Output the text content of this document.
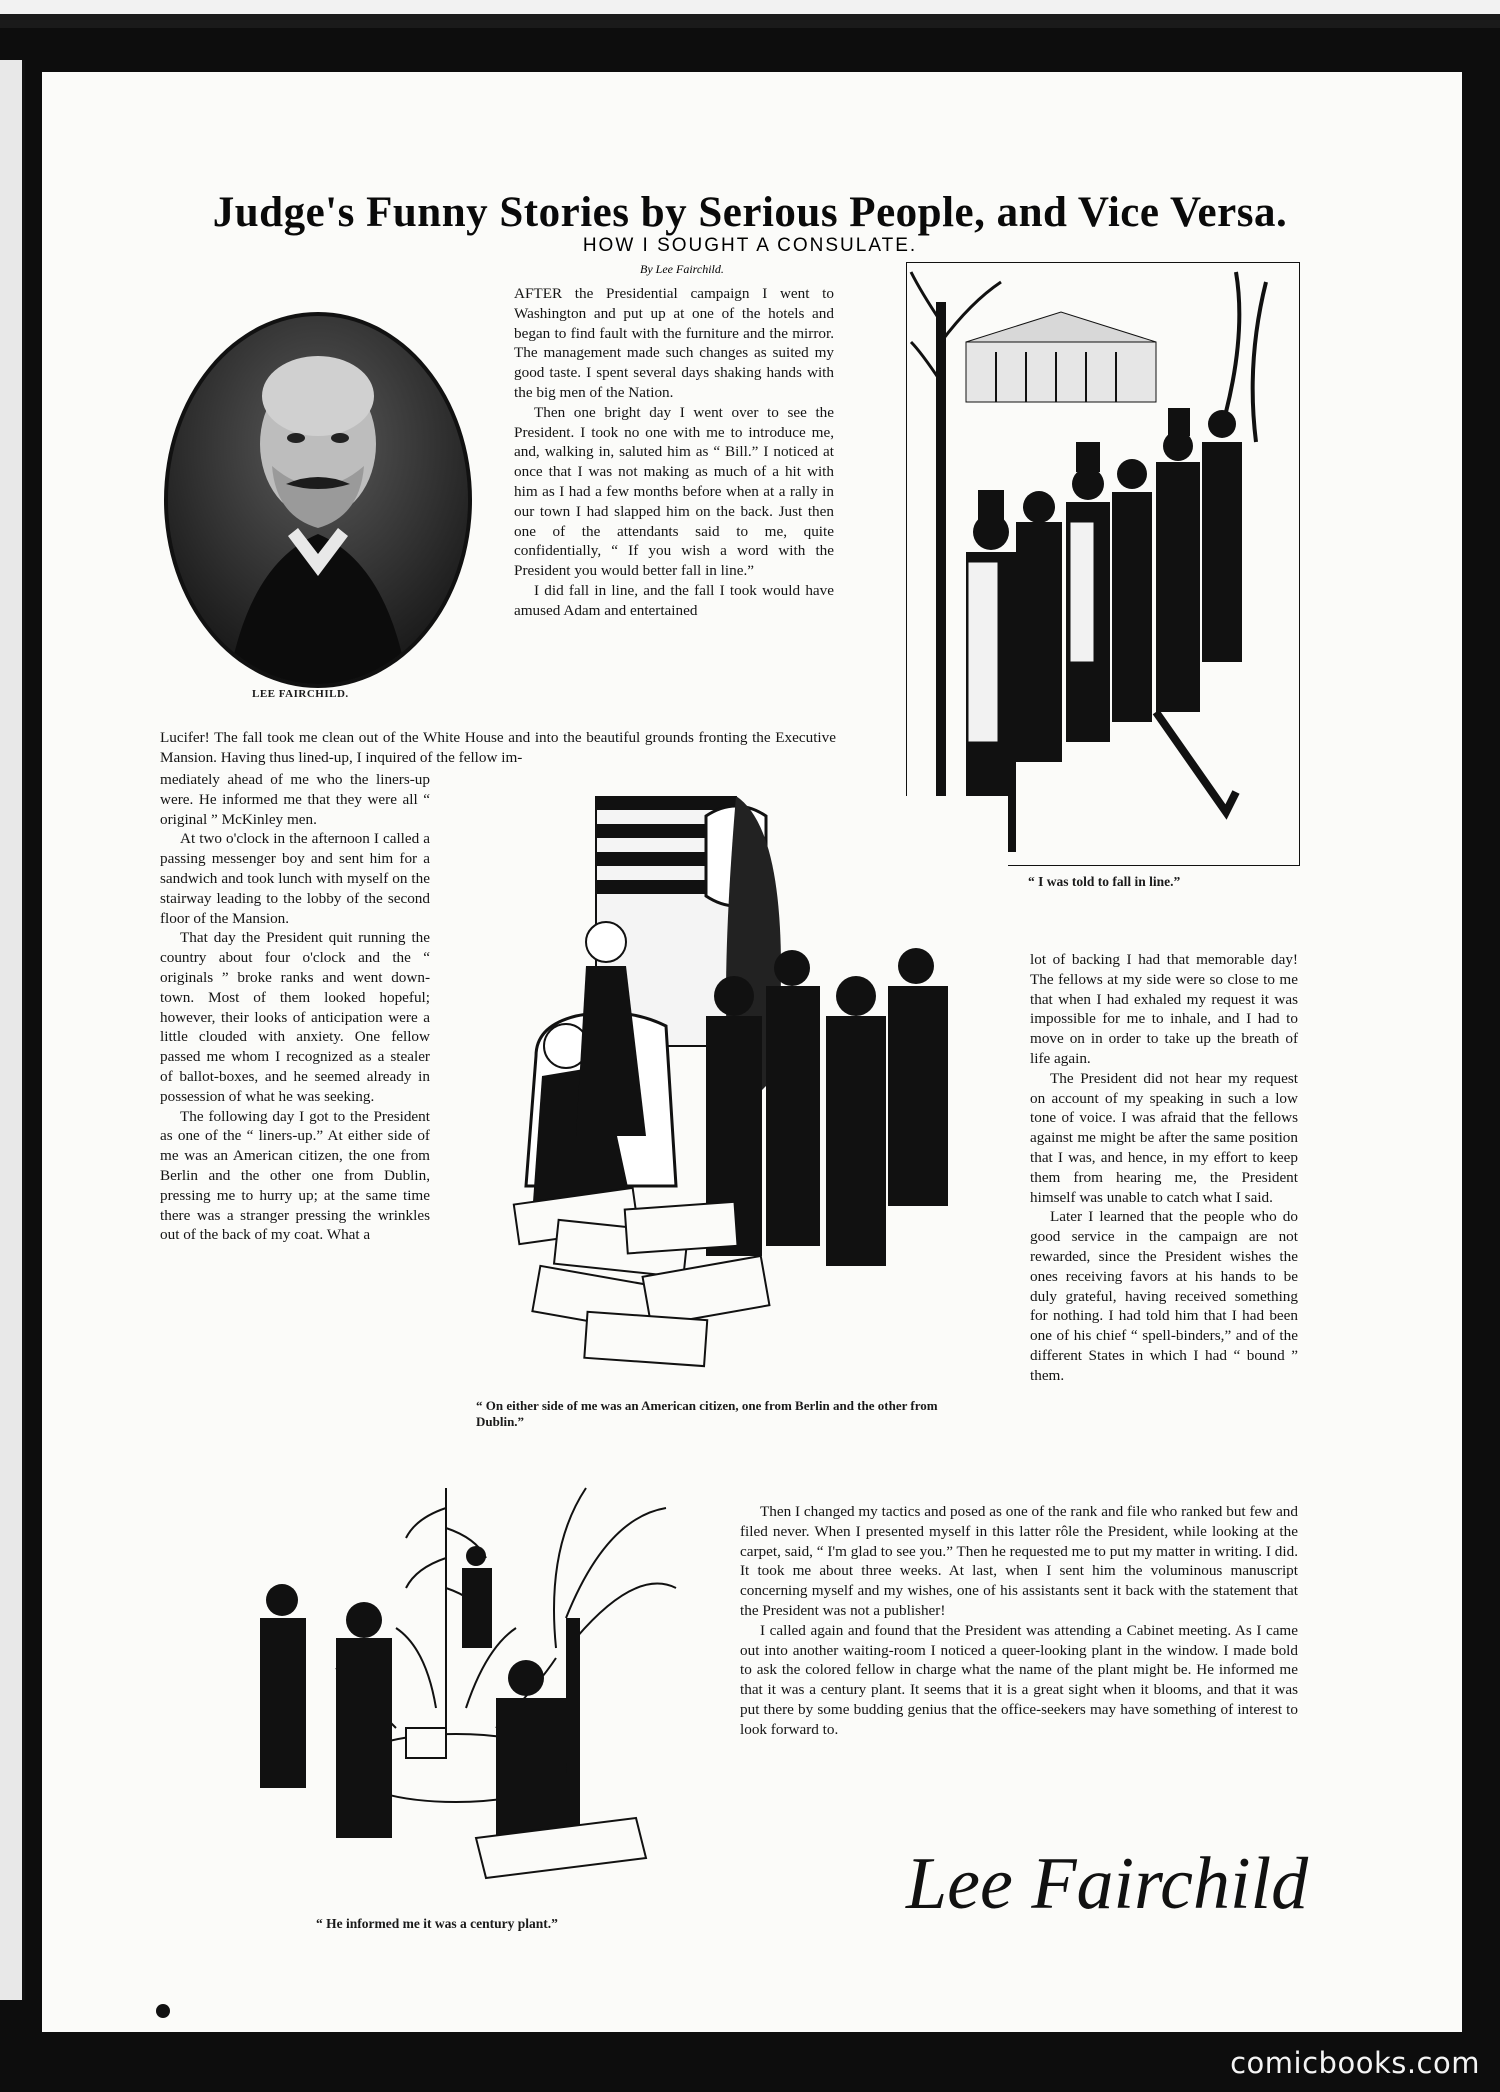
Judge's Funny Stories by Serious People, and Vice Versa.
HOW I SOUGHT A CONSULATE.
By Lee Fairchild.
LEE FAIRCHILD.

AFTER the Presidential campaign I went to Washington and put up at one of the hotels and began to find fault with the furniture and the mirror. The management made such changes as suited my good taste. I spent several days shaking hands with the big men of the Nation.

Then one bright day I went over to see the President. I took no one with me to introduce me, and, walking in, saluted him as “ Bill.” I noticed at once that I was not making as much of a hit with him as I had a few months before when at a rally in our town I had slapped him on the back. Just then one of the attendants said to me, quite confidentially, “ If you wish a word with the President you would better fall in line.”

I did fall in line, and the fall I took would have amused Adam and entertained

Lucifer! The fall took me clean out of the White House and into the beautiful grounds fronting the Executive Mansion. Having thus lined-up, I inquired of the fellow im-

mediately ahead of me who the liners-up were. He informed me that they were all “ original ” McKinley men.

At two o'clock in the afternoon I called a passing messenger boy and sent him for a sandwich and took lunch with myself on the stairway leading to the lobby of the second floor of the Mansion.

That day the President quit running the country about four o'clock and the “ originals ” broke ranks and went down-town. Most of them looked hopeful; however, their looks of anticipation were a little clouded with anxiety. One fellow passed me whom I recognized as a stealer of ballot-boxes, and he seemed already in possession of what he was seeking.

The following day I got to the President as one of the “ liners-up.” At either side of me was an American citizen, the one from Berlin and the other one from Dublin, pressing me to hurry up; at the same time there was a stranger pressing the wrinkles out of the back of my coat. What a

lot of backing I had that memorable day! The fellows at my side were so close to me that when I had exhaled my request it was impossible for me to inhale, and I had to move on in order to take up the breath of life again.

The President did not hear my request on account of my speaking in such a low tone of voice. I was afraid that the fellows against me might be after the same position that I was, and hence, in my effort to keep them from hearing me, the President himself was unable to catch what I said.

Later I learned that the people who do good service in the campaign are not rewarded, since the President wishes the ones receiving favors at his hands to be duly grateful, having received something for nothing. I had told him that I had been one of his chief “ spell-binders,” and of the different States in which I had “ bound ” them.

Then I changed my tactics and posed as one of the rank and file who ranked but few and filed never. When I presented myself in this latter rôle the President, while looking at the carpet, said, “ I'm glad to see you.” Then he requested me to put my matter in writing. I did. It took me about three weeks. At last, when I sent him the voluminous manuscript concerning myself and my wishes, one of his assistants sent it back with the statement that the President was not a publisher!

I called again and found that the President was attending a Cabinet meeting. As I came out into another waiting-room I noticed a queer-looking plant in the window. I made bold to ask the colored fellow in charge what the name of the plant might be. He informed me that it was a century plant. It seems that it is a great sight when it blooms, and that it was put there by some budding genius that the office-seekers may have something of interest to look forward to.

“ I was told to fall in line.”
“ On either side of me was an American citizen, one from Berlin and the other from Dublin.”
“ He informed me it was a century plant.”	Lee Fairchild
comicbooks.com
